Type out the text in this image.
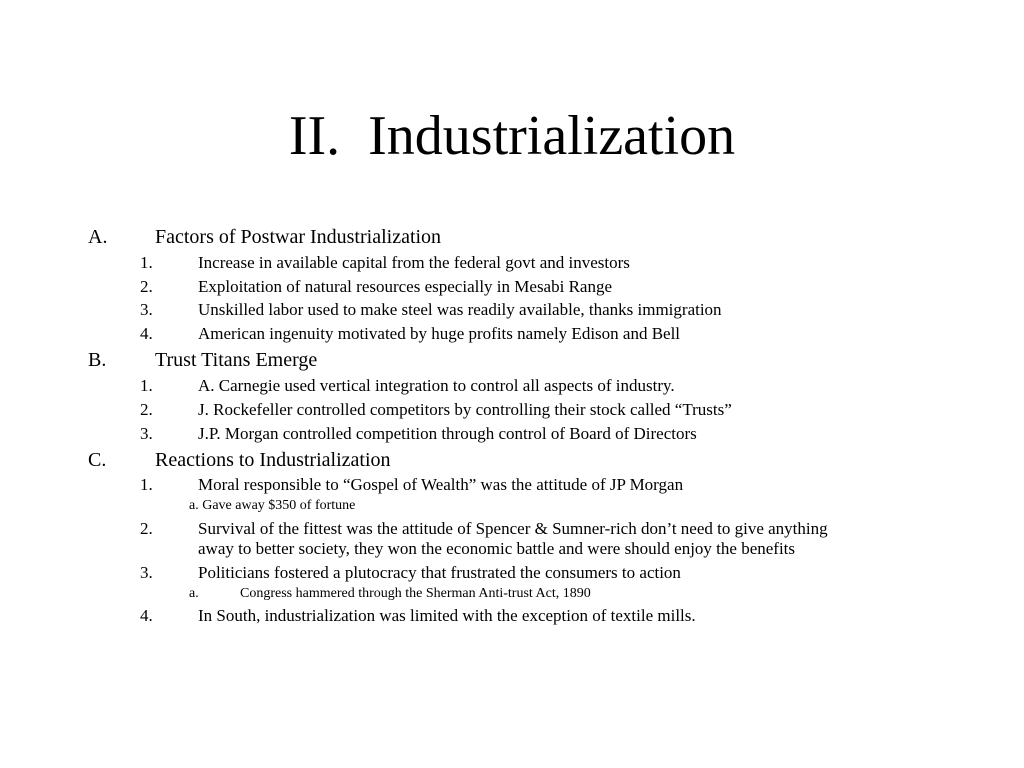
II.  Industrialization
A. Factors of Postwar Industrialization
1.	Increase in available capital from the federal govt and investors
2.	Exploitation of natural resources especially in Mesabi Range
3.	Unskilled labor used to make steel was readily available, thanks immigration
4.	American ingenuity motivated by huge profits namely Edison and Bell
B. Trust Titans Emerge
1.	A. Carnegie used vertical integration to control all aspects of industry.
2.	J. Rockefeller controlled competitors by controlling their stock called “Trusts”
3.	J.P. Morgan controlled competition through control of Board of Directors
C. Reactions to Industrialization
1.	Moral responsible to “Gospel of Wealth” was the attitude of JP Morgan
a. Gave away $350 of fortune
2.	Survival of the fittest was the attitude of Spencer & Sumner-rich don’t need to give anything
away to better society, they won the economic battle and were should enjoy the benefits
3.	Politicians fostered a plutocracy that frustrated the consumers to action
a.	Congress hammered through the Sherman Anti-trust Act, 1890
4.	In South, industrialization was limited with the exception of textile mills.
